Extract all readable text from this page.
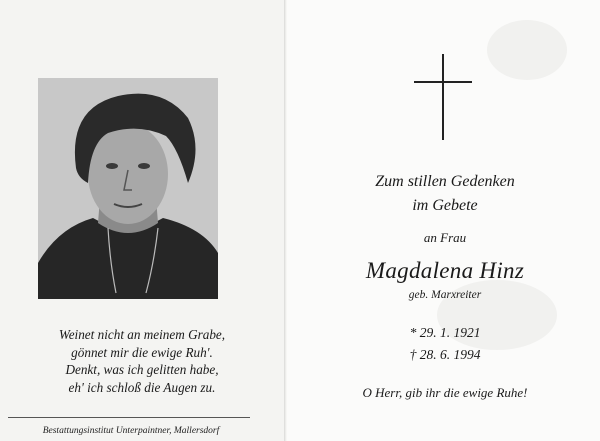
Weinet nicht an meinem Grabe,
gönnet mir die ewige Ruh'.
Denkt, was ich gelitten habe,
eh' ich schloß die Augen zu.
Bestattungsinstitut Unterpaintner, Mallersdorf
Zum stillen Gedenken
im Gebete
an Frau
Magdalena Hinz
geb. Marxreiter
* 29. 1. 1921
† 28. 6. 1994
O Herr, gib ihr die ewige Ruhe!
